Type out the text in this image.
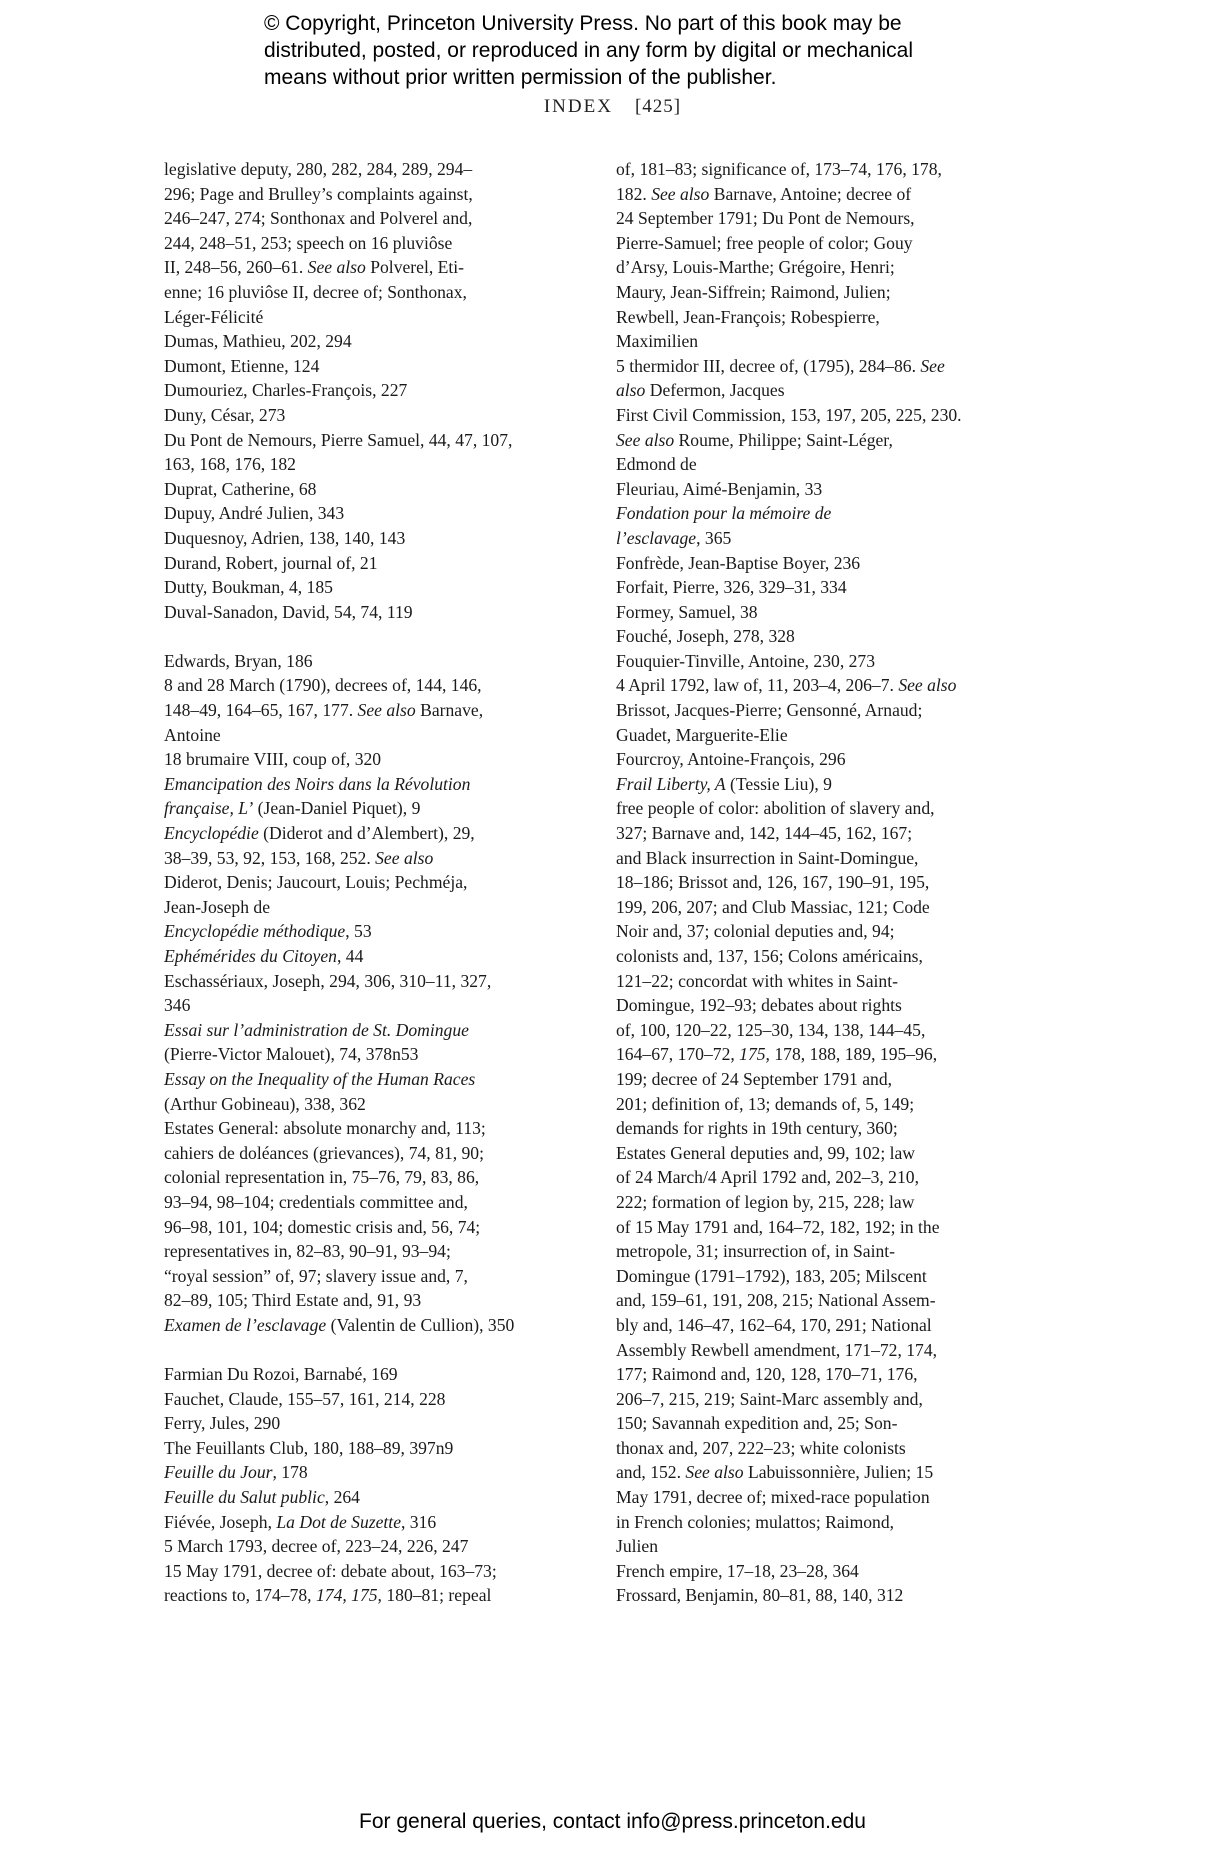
© Copyright, Princeton University Press. No part of this book may be
distributed, posted, or reproduced in any form by digital or mechanical
means without prior written permission of the publisher.
INDEX [425]
legislative deputy, 280, 282, 284, 289, 294–
296; Page and Brulley’s complaints against,
246–247, 274; Sonthonax and Polverel and,
244, 248–51, 253; speech on 16 pluviôse
II, 248–56, 260–61. See also Polverel, Eti-
enne; 16 pluviôse II, decree of; Sonthonax,
Léger-Félicité
Dumas, Mathieu, 202, 294
Dumont, Etienne, 124
Dumouriez, Charles-François, 227
Duny, César, 273
Du Pont de Nemours, Pierre Samuel, 44, 47, 107,
163, 168, 176, 182
Duprat, Catherine, 68
Dupuy, André Julien, 343
Duquesnoy, Adrien, 138, 140, 143
Durand, Robert, journal of, 21
Dutty, Boukman, 4, 185
Duval-Sanadon, David, 54, 74, 119
Edwards, Bryan, 186
8 and 28 March (1790), decrees of, 144, 146,
148–49, 164–65, 167, 177. See also Barnave,
Antoine
18 brumaire VIII, coup of, 320
Emancipation des Noirs dans la Révolution
française, L’ (Jean-Daniel Piquet), 9
Encyclopédie (Diderot and d’Alembert), 29,
38–39, 53, 92, 153, 168, 252. See also
Diderot, Denis; Jaucourt, Louis; Pechméja,
Jean-Joseph de
Encyclopédie méthodique, 53
Ephémérides du Citoyen, 44
Eschassériaux, Joseph, 294, 306, 310–11, 327,
346
Essai sur l’administration de St. Domingue
(Pierre-Victor Malouet), 74, 378n53
Essay on the Inequality of the Human Races
(Arthur Gobineau), 338, 362
Estates General: absolute monarchy and, 113;
cahiers de doléances (grievances), 74, 81, 90;
colonial representation in, 75–76, 79, 83, 86,
93–94, 98–104; credentials committee and,
96–98, 101, 104; domestic crisis and, 56, 74;
representatives in, 82–83, 90–91, 93–94;
“royal session” of, 97; slavery issue and, 7,
82–89, 105; Third Estate and, 91, 93
Examen de l’esclavage (Valentin de Cullion), 350
Farmian Du Rozoi, Barnabé, 169
Fauchet, Claude, 155–57, 161, 214, 228
Ferry, Jules, 290
The Feuillants Club, 180, 188–89, 397n9
Feuille du Jour, 178
Feuille du Salut public, 264
Fiévée, Joseph, La Dot de Suzette, 316
5 March 1793, decree of, 223–24, 226, 247
15 May 1791, decree of: debate about, 163–73;
reactions to, 174–78, 174, 175, 180–81; repeal
of, 181–83; significance of, 173–74, 176, 178,
182. See also Barnave, Antoine; decree of
24 September 1791; Du Pont de Nemours,
Pierre-Samuel; free people of color; Gouy
d’Arsy, Louis-Marthe; Grégoire, Henri;
Maury, Jean-Siffrein; Raimond, Julien;
Rewbell, Jean-François; Robespierre,
Maximilien
5 thermidor III, decree of, (1795), 284–86. See
also Defermon, Jacques
First Civil Commission, 153, 197, 205, 225, 230.
See also Roume, Philippe; Saint-Léger,
Edmond de
Fleuriau, Aimé-Benjamin, 33
Fondation pour la mémoire de
l’esclavage, 365
Fonfrède, Jean-Baptise Boyer, 236
Forfait, Pierre, 326, 329–31, 334
Formey, Samuel, 38
Fouché, Joseph, 278, 328
Fouquier-Tinville, Antoine, 230, 273
4 April 1792, law of, 11, 203–4, 206–7. See also
Brissot, Jacques-Pierre; Gensonné, Arnaud;
Guadet, Marguerite-Elie
Fourcroy, Antoine-François, 296
Frail Liberty, A (Tessie Liu), 9
free people of color: abolition of slavery and,
327; Barnave and, 142, 144–45, 162, 167;
and Black insurrection in Saint-Domingue,
18–186; Brissot and, 126, 167, 190–91, 195,
199, 206, 207; and Club Massiac, 121; Code
Noir and, 37; colonial deputies and, 94;
colonists and, 137, 156; Colons américains,
121–22; concordat with whites in Saint-
Domingue, 192–93; debates about rights
of, 100, 120–22, 125–30, 134, 138, 144–45,
164–67, 170–72, 175, 178, 188, 189, 195–96,
199; decree of 24 September 1791 and,
201; definition of, 13; demands of, 5, 149;
demands for rights in 19th century, 360;
Estates General deputies and, 99, 102; law
of 24 March/4 April 1792 and, 202–3, 210,
222; formation of legion by, 215, 228; law
of 15 May 1791 and, 164–72, 182, 192; in the
metropole, 31; insurrection of, in Saint-
Domingue (1791–1792), 183, 205; Milscent
and, 159–61, 191, 208, 215; National Assem-
bly and, 146–47, 162–64, 170, 291; National
Assembly Rewbell amendment, 171–72, 174,
177; Raimond and, 120, 128, 170–71, 176,
206–7, 215, 219; Saint-Marc assembly and,
150; Savannah expedition and, 25; Son-
thonax and, 207, 222–23; white colonists
and, 152. See also Labuissonnière, Julien; 15
May 1791, decree of; mixed-race population
in French colonies; mulattos; Raimond,
Julien
French empire, 17–18, 23–28, 364
Frossard, Benjamin, 80–81, 88, 140, 312
For general queries, contact info@press.princeton.edu
